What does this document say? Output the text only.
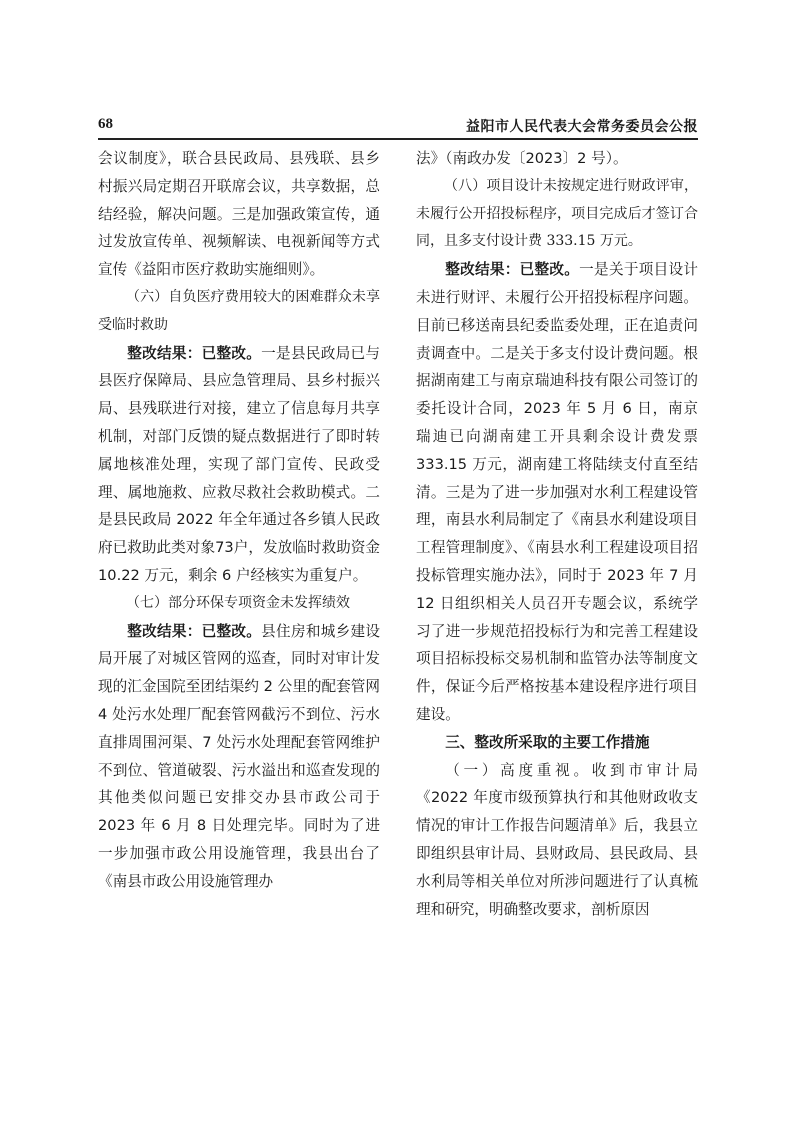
68	益阳市人民代表大会常务委员会公报

会议制度》，联合县民政局、县残联、县乡村振兴局定期召开联席会议，共享数据，总结经验，解决问题。三是加强政策宣传，通过发放宣传单、视频解读、电视新闻等方式宣传《益阳市医疗救助实施细则》。

（六）自负医疗费用较大的困难群众未享受临时救助

整改结果：已整改。一是县民政局已与县医疗保障局、县应急管理局、县乡村振兴局、县残联进行对接，建立了信息每月共享机制，对部门反馈的疑点数据进行了即时转属地核准处理，实现了部门宣传、民政受理、属地施救、应救尽救社会救助模式。二是县民政局 2022 年全年通过各乡镇人民政府已救助此类对象73户，发放临时救助资金 10.22 万元，剩余 6 户经核实为重复户。

（七）部分环保专项资金未发挥绩效

整改结果：已整改。县住房和城乡建设局开展了对城区管网的巡查，同时对审计发现的汇金国院至团结渠约 2 公里的配套管网 4 处污水处理厂配套管网截污不到位、污水直排周围河渠、7 处污水处理配套管网维护不到位、管道破裂、污水溢出和巡查发现的其他类似问题已安排交办县市政公司于 2023 年 6 月 8 日处理完毕。同时为了进一步加强市政公用设施管理，我县出台了《南县市政公用设施管理办

法》（南政办发〔2023〕2 号）。

（八）项目设计未按规定进行财政评审，未履行公开招投标程序，项目完成后才签订合同，且多支付设计费 333.15 万元。

整改结果：已整改。一是关于项目设计未进行财评、未履行公开招投标程序问题。目前已移送南县纪委监委处理，正在追责问责调查中。二是关于多支付设计费问题。根据湖南建工与南京瑞迪科技有限公司签订的委托设计合同，2023 年 5 月 6 日，南京瑞迪已向湖南建工开具剩余设计费发票 333.15 万元，湖南建工将陆续支付直至结清。三是为了进一步加强对水利工程建设管理，南县水利局制定了《南县水利建设项目工程管理制度》、《南县水利工程建设项目招投标管理实施办法》，同时于 2023 年 7 月 12 日组织相关人员召开专题会议，系统学习了进一步规范招投标行为和完善工程建设项目招标投标交易机制和监管办法等制度文件，保证今后严格按基本建设程序进行项目建设。

三、整改所采取的主要工作措施

（一）高度重视。收到市审计局《2022 年度市级预算执行和其他财政收支情况的审计工作报告问题清单》后，我县立即组织县审计局、县财政局、县民政局、县水利局等相关单位对所涉问题进行了认真梳理和研究，明确整改要求，剖析原因
